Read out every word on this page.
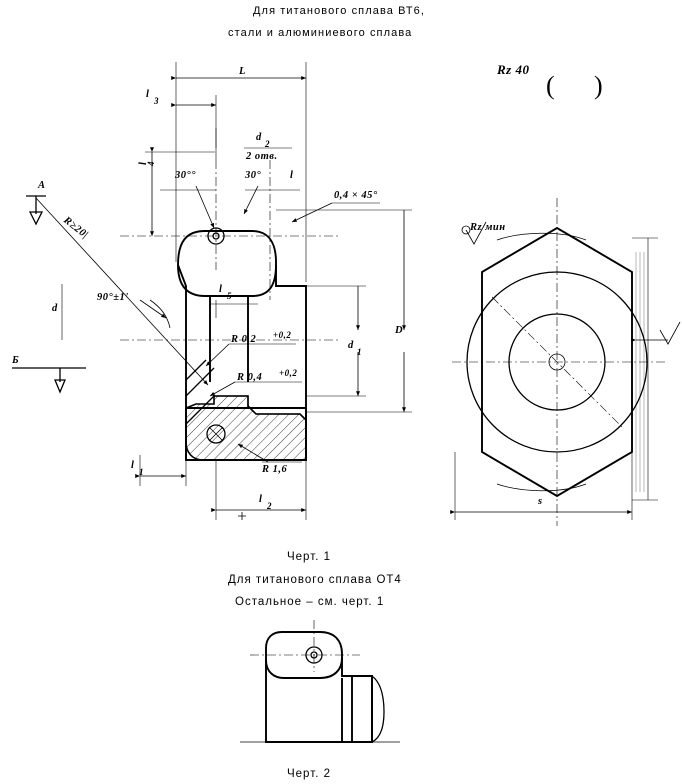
Для титанового сплава ВТ6,
стали и алюминиевого сплава
Черт. 1
Для титанового сплава ОТ4
Остальное – см. черт. 1
Черт. 2
Rz 40
( )
L
l
3
d
2
2 отв.
l
4
30°°	30°	l
0,4 × 45°
А
Б
R≥20|
d
90°±1'
l
5
R 0,2 +0,2
R 0,4 +0,2
R 1,6
d
1
D
l
1
l
2
Rz мин
s
